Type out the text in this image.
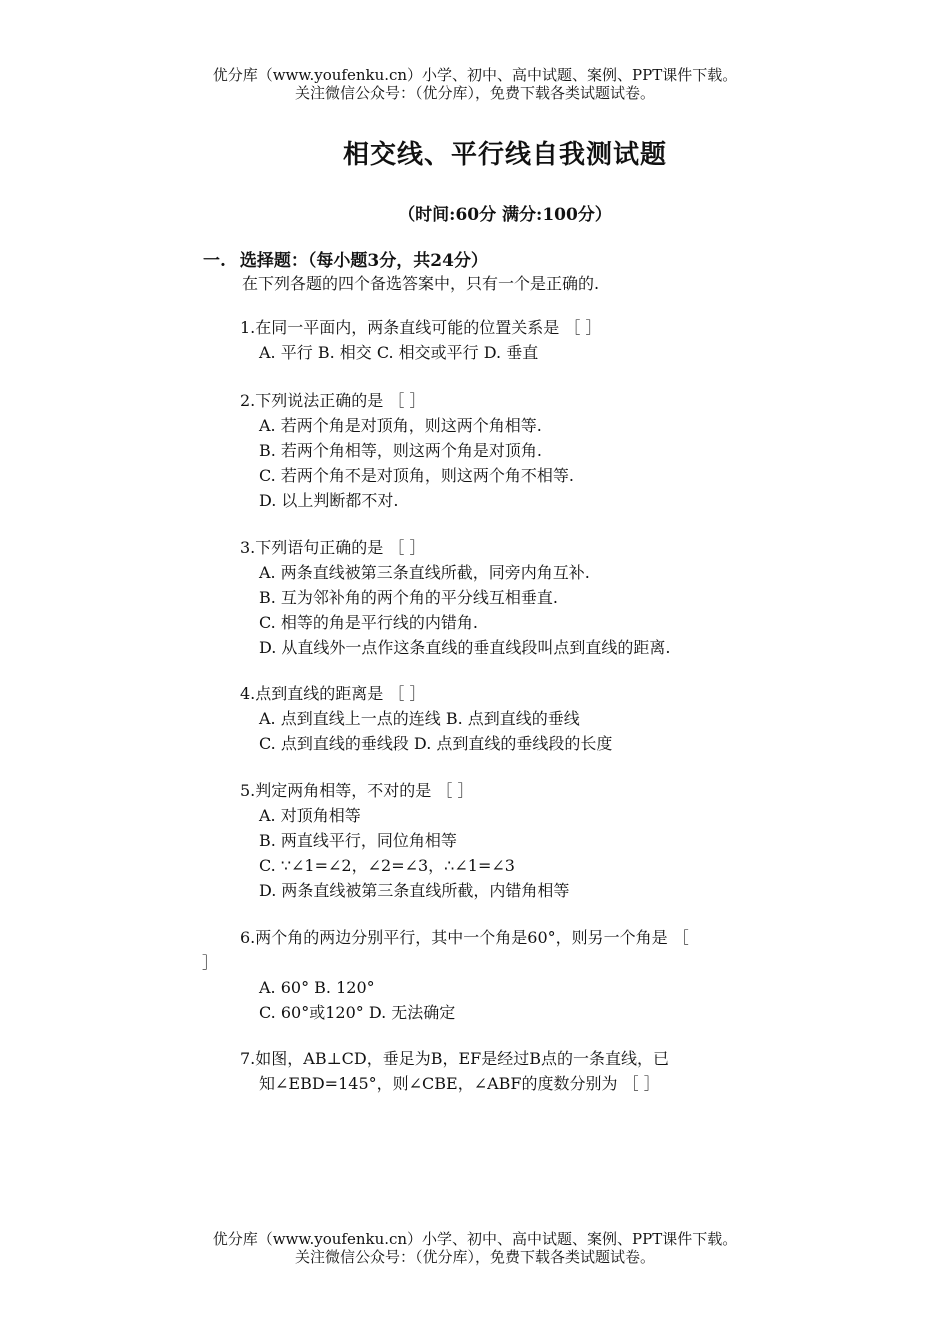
优分库（www.youfenku.cn）小学、初中、高中试题、案例、PPT课件下载。
关注微信公众号：（优分库），免费下载各类试题试卷。
相交线、平行线自我测试题
（时间:60分 满分:100分）
一. 选择题：（每小题3分，共24分）
在下列各题的四个备选答案中，只有一个是正确的.
1.在同一平面内，两条直线可能的位置关系是 ［ ］
A. 平行 B. 相交 C. 相交或平行 D. 垂直
2.下列说法正确的是 ［ ］
A. 若两个角是对顶角，则这两个角相等.
B. 若两个角相等，则这两个角是对顶角.
C. 若两个角不是对顶角，则这两个角不相等.
D. 以上判断都不对.
3.下列语句正确的是 ［ ］
A. 两条直线被第三条直线所截，同旁内角互补.
B. 互为邻补角的两个角的平分线互相垂直.
C. 相等的角是平行线的内错角.
D. 从直线外一点作这条直线的垂直线段叫点到直线的距离.
4.点到直线的距离是 ［ ］
A. 点到直线上一点的连线 B. 点到直线的垂线
C. 点到直线的垂线段 D. 点到直线的垂线段的长度
5.判定两角相等，不对的是 ［ ］
A. 对顶角相等
B. 两直线平行，同位角相等
C. ∵∠1=∠2，∠2=∠3，∴∠1=∠3
D. 两条直线被第三条直线所截，内错角相等
6.两个角的两边分别平行，其中一个角是60°，则另一个角是 ［
］
A. 60° B. 120°
C. 60°或120° D. 无法确定
7.如图，AB⊥CD，垂足为B，EF是经过B点的一条直线，已
知∠EBD=145°，则∠CBE，∠ABF的度数分别为 ［ ］
优分库（www.youfenku.cn）小学、初中、高中试题、案例、PPT课件下载。
关注微信公众号：（优分库），免费下载各类试题试卷。
